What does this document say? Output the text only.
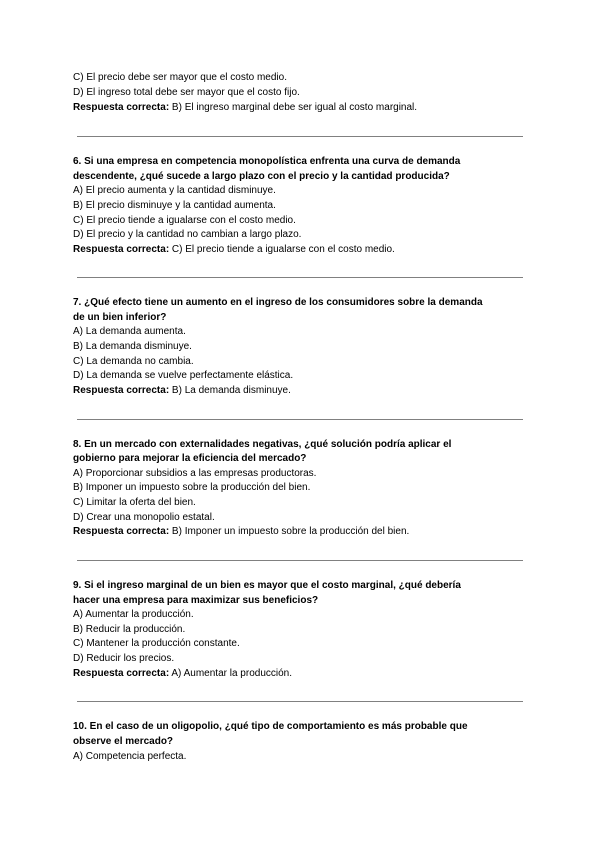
C) El precio debe ser mayor que el costo medio.
D) El ingreso total debe ser mayor que el costo fijo.
Respuesta correcta: B) El ingreso marginal debe ser igual al costo marginal.
6. Si una empresa en competencia monopolística enfrenta una curva de demanda
descendente, ¿qué sucede a largo plazo con el precio y la cantidad producida?
A) El precio aumenta y la cantidad disminuye.
B) El precio disminuye y la cantidad aumenta.
C) El precio tiende a igualarse con el costo medio.
D) El precio y la cantidad no cambian a largo plazo.
Respuesta correcta: C) El precio tiende a igualarse con el costo medio.
7. ¿Qué efecto tiene un aumento en el ingreso de los consumidores sobre la demanda
de un bien inferior?
A) La demanda aumenta.
B) La demanda disminuye.
C) La demanda no cambia.
D) La demanda se vuelve perfectamente elástica.
Respuesta correcta: B) La demanda disminuye.
8. En un mercado con externalidades negativas, ¿qué solución podría aplicar el
gobierno para mejorar la eficiencia del mercado?
A) Proporcionar subsidios a las empresas productoras.
B) Imponer un impuesto sobre la producción del bien.
C) Limitar la oferta del bien.
D) Crear una monopolio estatal.
Respuesta correcta: B) Imponer un impuesto sobre la producción del bien.
9. Si el ingreso marginal de un bien es mayor que el costo marginal, ¿qué debería
hacer una empresa para maximizar sus beneficios?
A) Aumentar la producción.
B) Reducir la producción.
C) Mantener la producción constante.
D) Reducir los precios.
Respuesta correcta: A) Aumentar la producción.
10. En el caso de un oligopolio, ¿qué tipo de comportamiento es más probable que
observe el mercado?
A) Competencia perfecta.
